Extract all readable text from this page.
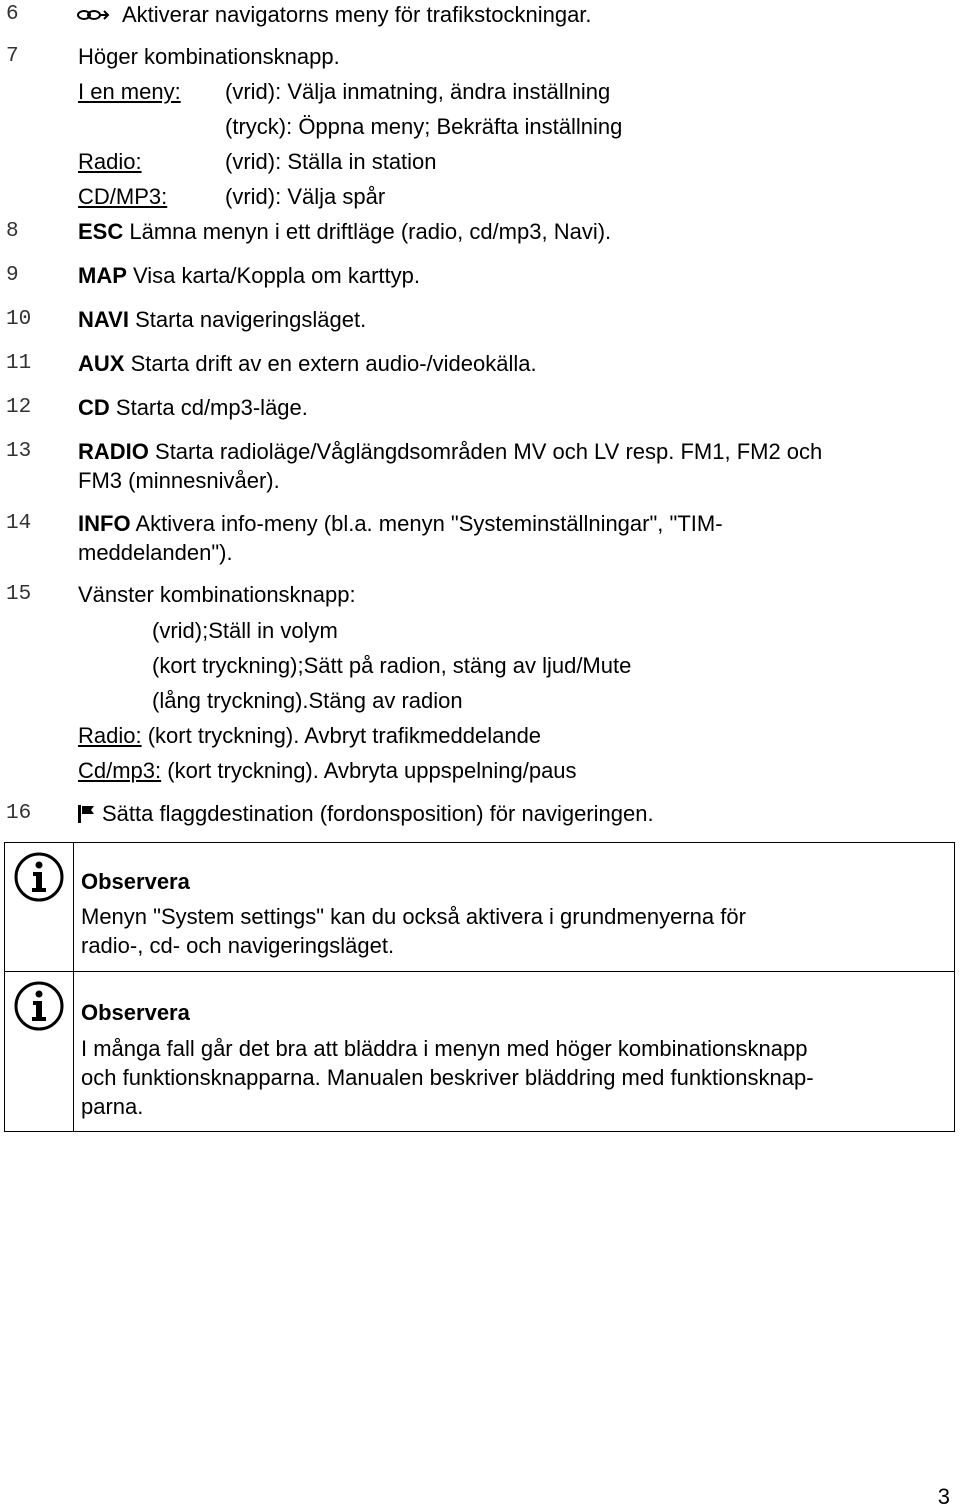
6	Aktiverar navigatorns meny för trafikstockningar.
7	Höger kombinationsknapp.
I en meny: (vrid): Välja inmatning, ändra inställning
(tryck): Öppna meny; Bekräfta inställning
Radio:	(vrid): Ställa in station
CD/MP3:	(vrid): Välja spår
8	ESC Lämna menyn i ett driftläge (radio, cd/mp3, Navi).
9	MAP Visa karta/Koppla om karttyp.
10 NAVI Starta navigeringsläget.
11 AUX Starta drift av en extern audio-/videokälla.
12 CD Starta cd/mp3-läge.
13 RADIO Starta radioläge/Våglängdsområden MV och LV resp. FM1, FM2 och
FM3 (minnesnivåer).
14 INFO Aktivera info-meny (bl.a. menyn "Systeminställningar", "TIM-
meddelanden").
15 Vänster kombinationsknapp:
(vrid);Ställ in volym
(kort tryckning);Sätt på radion, stäng av ljud/Mute
(lång tryckning).Stäng av radion
Radio: (kort tryckning). Avbryt trafikmeddelande
Cd/mp3: (kort tryckning). Avbryta uppspelning/paus
16	Sätta flaggdestination (fordonsposition) för navigeringen.
Observera
Menyn "System settings" kan du också aktivera i grundmenyerna för
radio-, cd- och navigeringsläget.
Observera
I många fall går det bra att bläddra i menyn med höger kombinationsknapp
och funktionsknapparna. Manualen beskriver bläddring med funktionsknap-
parna.
3
